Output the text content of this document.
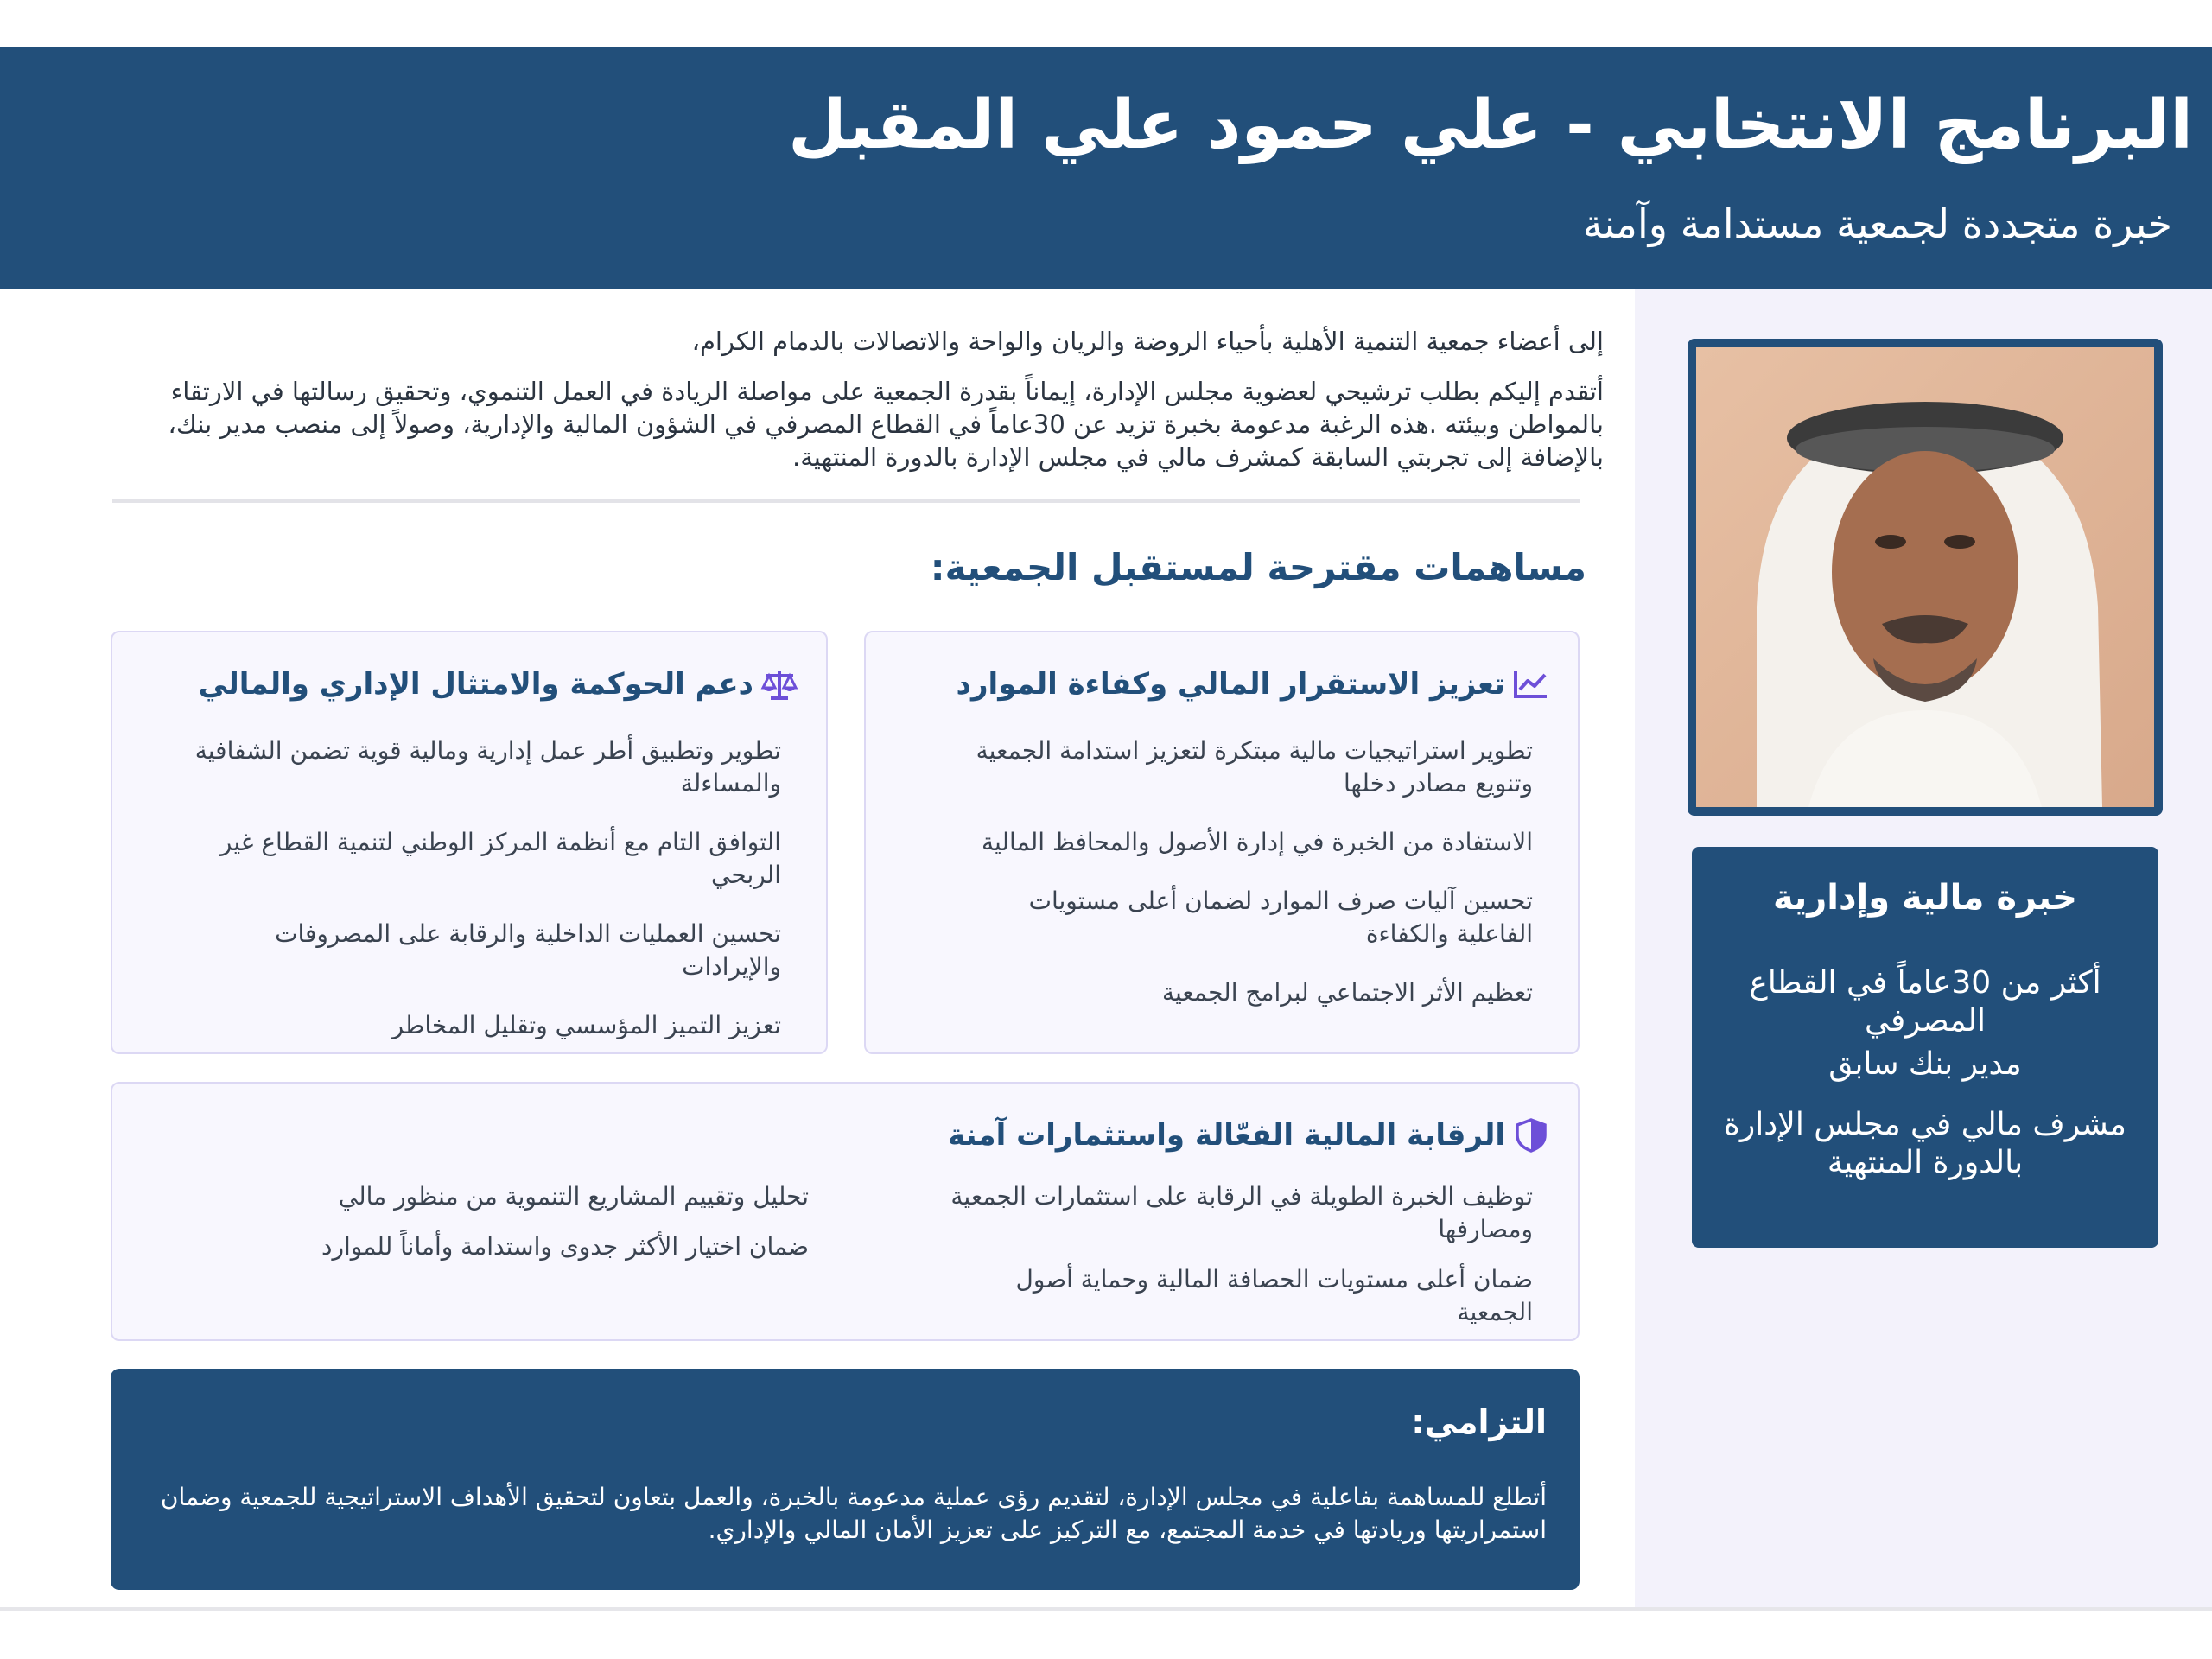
البرنامج الانتخابي - علي حمود علي المقبل
خبرة متجددة لجمعية مستدامة وآمنة
خبرة مالية وإدارية
أكثر من 30عاماً في القطاع المصرفي
مدير بنك سابق
مشرف مالي في مجلس الإدارة بالدورة المنتهية

إلى أعضاء جمعية التنمية الأهلية بأحياء الروضة والريان والواحة والاتصالات بالدمام الكرام،

أتقدم إليكم بطلب ترشيحي لعضوية مجلس الإدارة، إيماناً بقدرة الجمعية على مواصلة الريادة في العمل التنموي، وتحقيق رسالتها في الارتقاء بالمواطن وبيئته .هذه الرغبة مدعومة بخبرة تزيد عن 30عاماً في القطاع المصرفي في الشؤون المالية والإدارية، وصولاً إلى منصب مدير بنك، بالإضافة إلى تجربتي السابقة كمشرف مالي في مجلس الإدارة بالدورة المنتهية.

مساهمات مقترحة لمستقبل الجمعية:
تعزيز الاستقرار المالي وكفاءة الموارد
تطوير استراتيجيات مالية مبتكرة لتعزيز استدامة الجمعية وتنويع مصادر دخلها
الاستفادة من الخبرة في إدارة الأصول والمحافظ المالية
تحسين آليات صرف الموارد لضمان أعلى مستويات الفاعلية والكفاءة
تعظيم الأثر الاجتماعي لبرامج الجمعية
دعم الحوكمة والامتثال الإداري والمالي
تطوير وتطبيق أطر عمل إدارية ومالية قوية تضمن الشفافية والمساءلة
التوافق التام مع أنظمة المركز الوطني لتنمية القطاع غير الربحي
تحسين العمليات الداخلية والرقابة على المصروفات والإيرادات
تعزيز التميز المؤسسي وتقليل المخاطر
الرقابة المالية الفعّالة واستثمارات آمنة
توظيف الخبرة الطويلة في الرقابة على استثمارات الجمعية ومصارفها
ضمان أعلى مستويات الحصافة المالية وحماية أصول الجمعية
تحليل وتقييم المشاريع التنموية من منظور مالي
ضمان اختيار الأكثر جدوى واستدامة وأماناً للموارد
التزامي:
أتطلع للمساهمة بفاعلية في مجلس الإدارة، لتقديم رؤى عملية مدعومة بالخبرة، والعمل بتعاون لتحقيق الأهداف الاستراتيجية للجمعية وضمان استمراريتها وريادتها في خدمة المجتمع، مع التركيز على تعزيز الأمان المالي والإداري.
